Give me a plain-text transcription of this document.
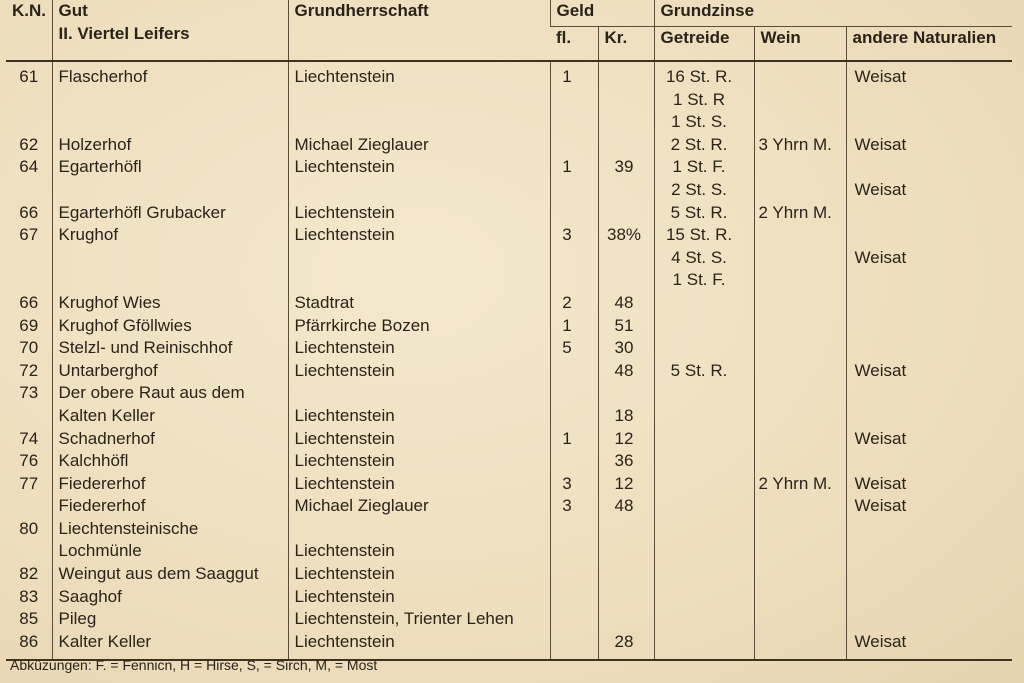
K.N.	Gut
II. Viertel Leifers	Grundherrschaft	Geld		Grundzinse		
			fl.	Kr.	Getreide	Wein	andere Naturalien
61	Flascherhof	Liechtenstein	1		16 St. R.		Weisat
					1 St. R		
					1 St. S.		
62	Holzerhof	Michael Zieglauer			2 St. R.	3 Yhrn M.	Weisat
64	Egarterhöfl	Liechtenstein	1	39	1 St. F.		
					2 St. S.		Weisat
66	Egarterhöfl Grubacker	Liechtenstein			5 St. R.	2 Yhrn M.	
67	Krughof	Liechtenstein	3	38%	15 St. R.		
					4 St. S.		Weisat
					1 St. F.		
66	Krughof Wies	Stadtrat	2	48			
69	Krughof Gföllwies	Pfärrkirche Bozen	1	51			
70	Stelzl- und Reinischhof	Liechtenstein	5	30			
72	Untarberghof	Liechtenstein		48	5 St. R.		Weisat
73	Der obere Raut aus dem						
	Kalten Keller	Liechtenstein		18			
74	Schadnerhof	Liechtenstein	1	12			Weisat
76	Kalchhöfl	Liechtenstein		36			
77	Fiedererhof	Liechtenstein	3	12		2 Yhrn M.	Weisat
	Fiedererhof	Michael Zieglauer	3	48			Weisat
80	Liechtensteinische						
	Lochmünle	Liechtenstein					
82	Weingut aus dem Saaggut	Liechtenstein					
83	Saaghof	Liechtenstein					
85	Pileg	Liechtenstein, Trienter Lehen					
86	Kalter Keller	Liechtenstein		28			Weisat
Abküzungen: F. = Fennicn, H = Hirse, S, = Sirch, M, = Most
